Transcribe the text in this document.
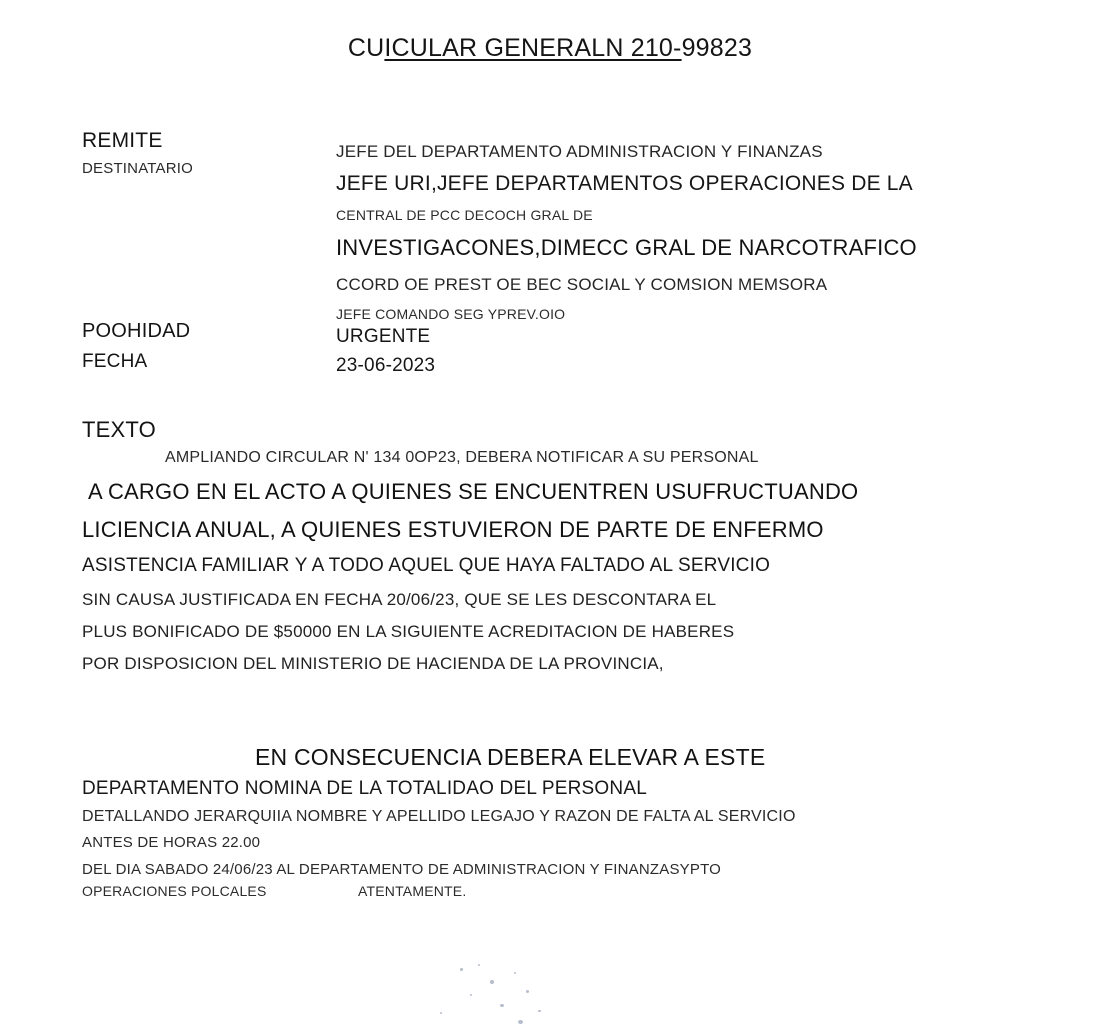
CUICULAR GENERALN 210-99823
REMITE
DESTINATARIO
POOHIDAD
FECHA
JEFE DEL DEPARTAMENTO ADMINISTRACION Y FINANZAS
JEFE URI,JEFE DEPARTAMENTOS OPERACIONES DE LA
CENTRAL DE PCC DECOCH GRAL DE
INVESTIGACONES,DIMECC GRAL DE NARCOTRAFICO
CCORD OE PREST OE BEC SOCIAL Y COMSION MEMSORA
JEFE COMANDO SEG YPREV.OIO
URGENTE
23-06-2023
TEXTO
AMPLIANDO CIRCULAR N' 134 0OP23, DEBERA NOTIFICAR A SU PERSONAL
A CARGO EN EL ACTO A QUIENES SE ENCUENTREN USUFRUCTUANDO
LICIENCIA ANUAL, A QUIENES ESTUVIERON DE PARTE DE ENFERMO
ASISTENCIA FAMILIAR Y A TODO AQUEL QUE HAYA FALTADO AL SERVICIO
SIN CAUSA JUSTIFICADA EN FECHA 20/06/23, QUE SE LES DESCONTARA EL
PLUS BONIFICADO DE $50000 EN LA SIGUIENTE ACREDITACION DE HABERES
POR DISPOSICION DEL MINISTERIO DE HACIENDA DE LA PROVINCIA,
EN CONSECUENCIA DEBERA ELEVAR A ESTE
DEPARTAMENTO NOMINA DE LA TOTALIDAO DEL PERSONAL
DETALLANDO JERARQUIIA NOMBRE Y APELLIDO LEGAJO Y RAZON DE FALTA AL SERVICIO
ANTES DE HORAS 22.00
DEL DIA SABADO 24/06/23 AL DEPARTAMENTO DE ADMINISTRACION Y FINANZASYPTO
OPERACIONES POLCALES	ATENTAMENTE.
